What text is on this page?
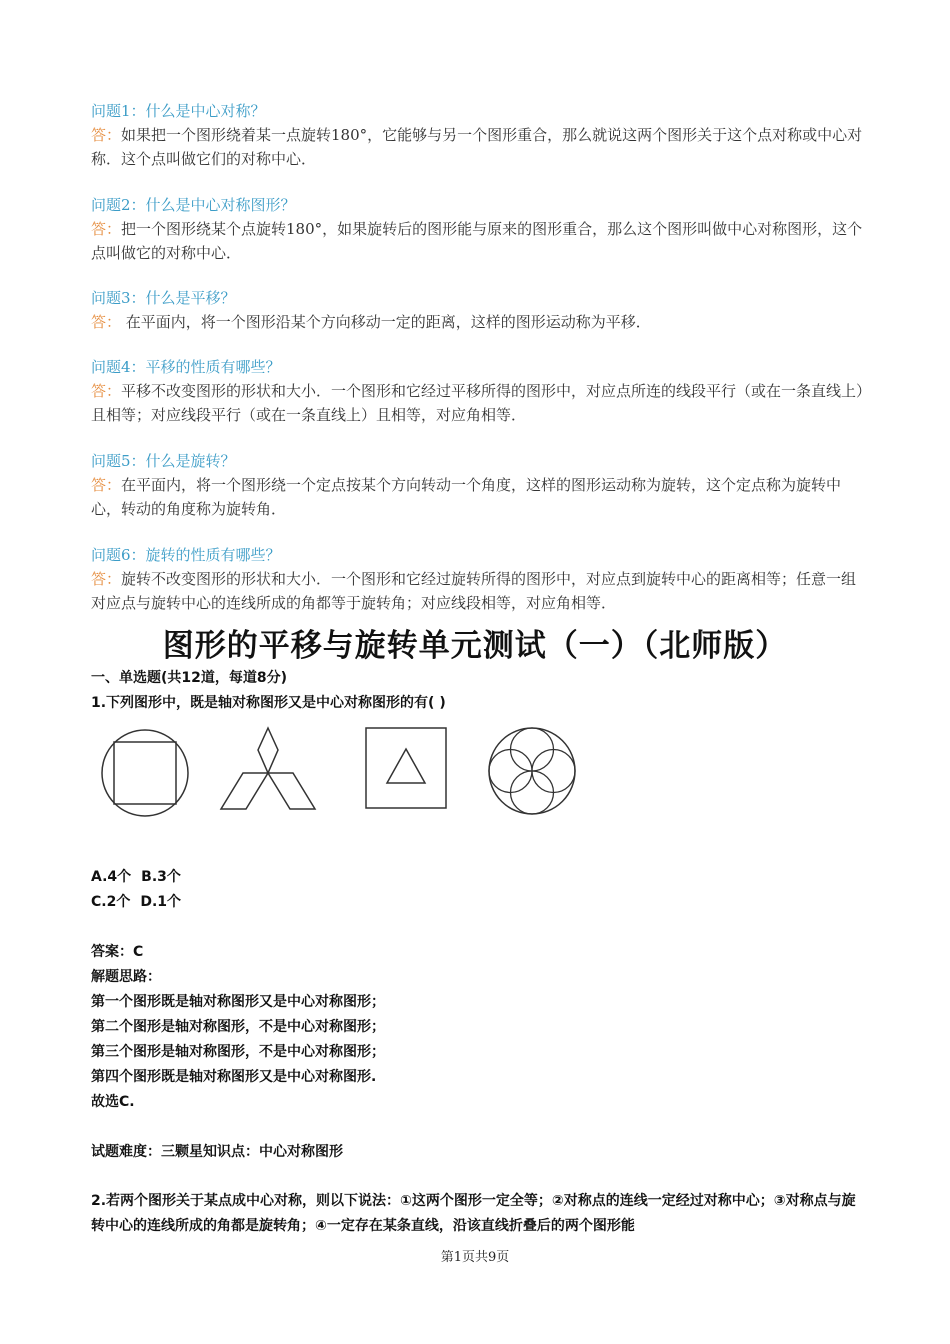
问题1：什么是中心对称？

答：如果把一个图形绕着某一点旋转180°，它能够与另一个图形重合，那么就说这两个图形关于这个点对称或中心对称．这个点叫做它们的对称中心．

问题2：什么是中心对称图形？

答：把一个图形绕某个点旋转180°，如果旋转后的图形能与原来的图形重合，那么这个图形叫做中心对称图形，这个点叫做它的对称中心．

问题3：什么是平移？

答： 在平面内，将一个图形沿某个方向移动一定的距离，这样的图形运动称为平移．

问题4：平移的性质有哪些？

答：平移不改变图形的形状和大小．一个图形和它经过平移所得的图形中，对应点所连的线段平行（或在一条直线上）且相等；对应线段平行（或在一条直线上）且相等，对应角相等．

问题5：什么是旋转？

答：在平面内，将一个图形绕一个定点按某个方向转动一个角度，这样的图形运动称为旋转，这个定点称为旋转中心，转动的角度称为旋转角．

问题6：旋转的性质有哪些？

答：旋转不改变图形的形状和大小．一个图形和它经过旋转所得的图形中，对应点到旋转中心的距离相等；任意一组对应点与旋转中心的连线所成的角都等于旋转角；对应线段相等，对应角相等．

图形的平移与旋转单元测试（一）（北师版）

一、单选题(共12道，每道8分)

1.下列图形中，既是轴对称图形又是中心对称图形的有( )

A.4个 B.3个

C.2个 D.1个

答案：C

解题思路：

第一个图形既是轴对称图形又是中心对称图形；

第二个图形是轴对称图形，不是中心对称图形；

第三个图形是轴对称图形，不是中心对称图形；

第四个图形既是轴对称图形又是中心对称图形.

故选C.

试题难度：三颗星知识点：中心对称图形

2.若两个图形关于某点成中心对称，则以下说法：①这两个图形一定全等；②对称点的连线一定经过对称中心；③对称点与旋转中心的连线所成的角都是旋转角；④一定存在某条直线，沿该直线折叠后的两个图形能

第1页共9页
